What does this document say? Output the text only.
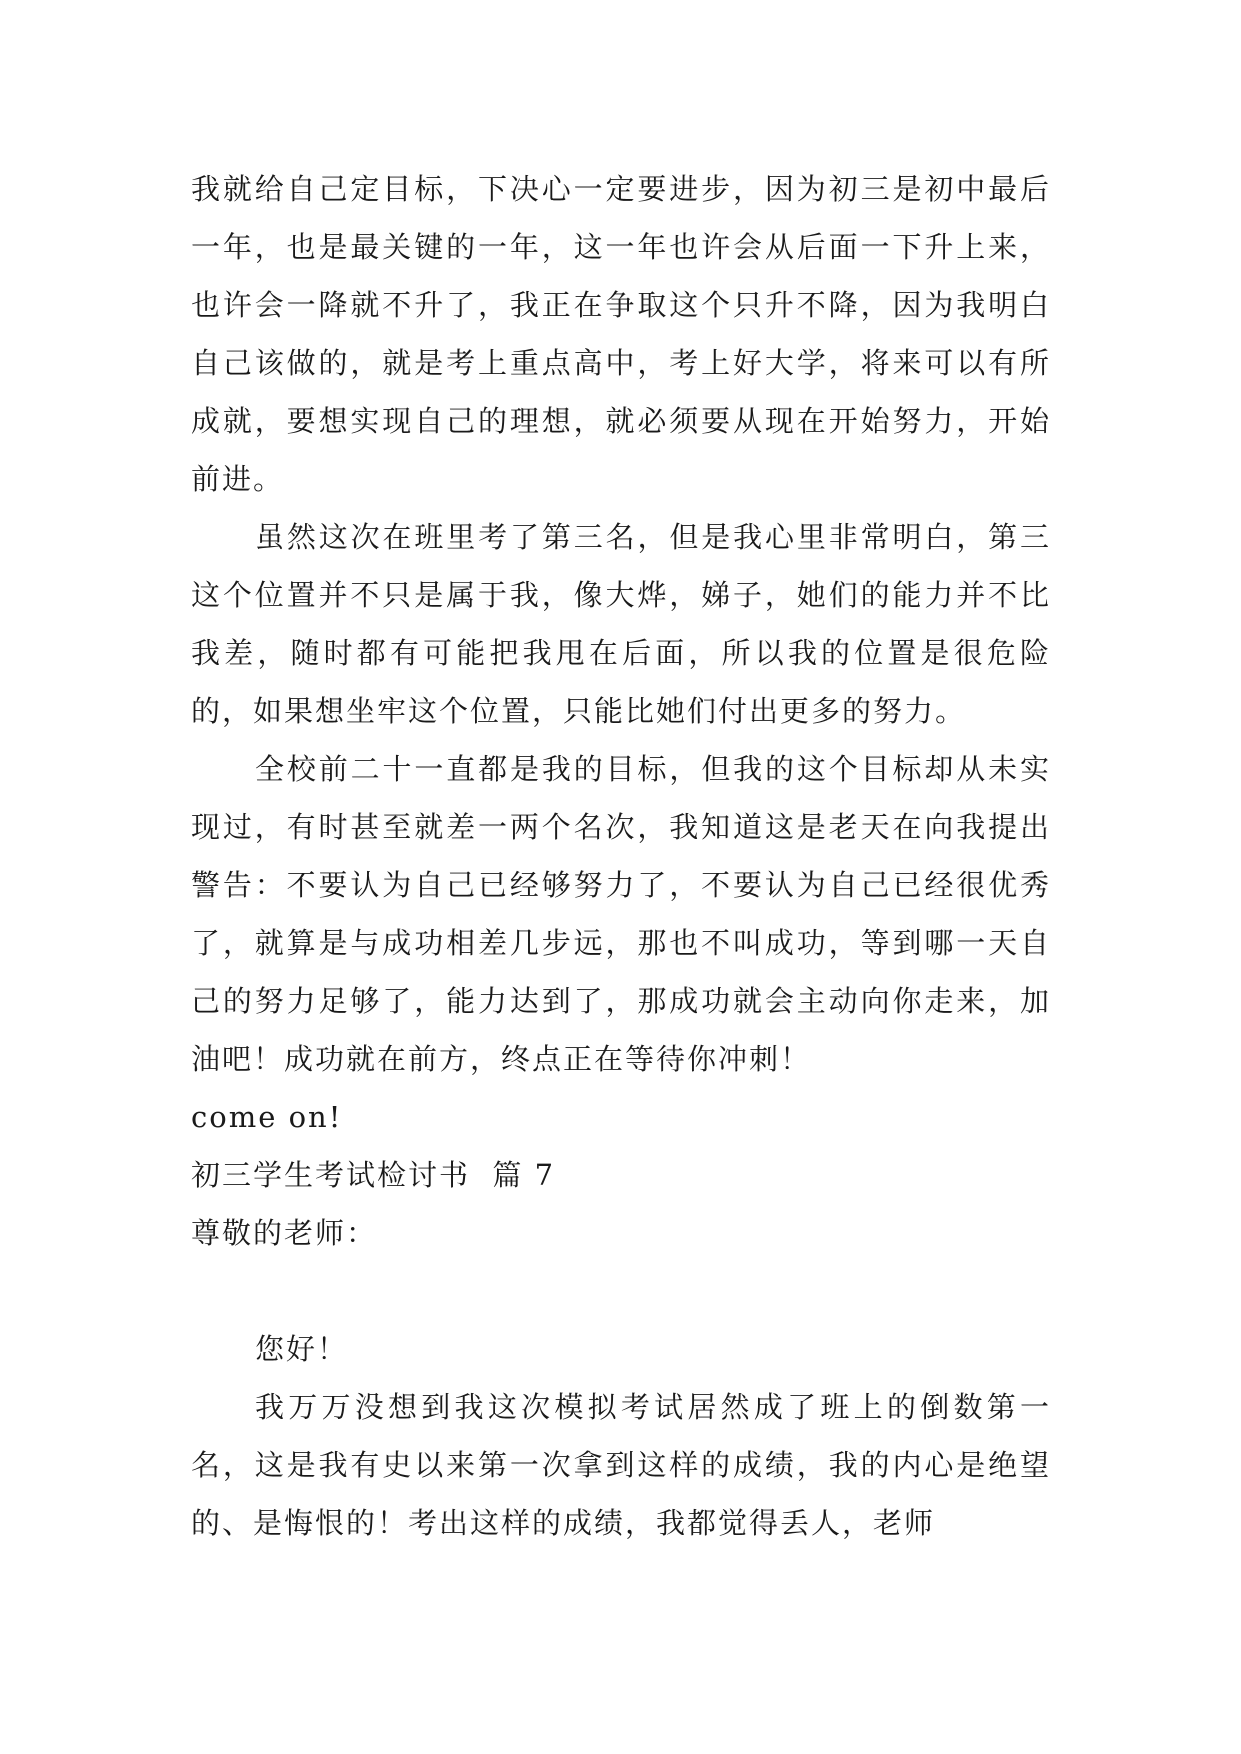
我就给自己定目标，下决心一定要进步，因为初三是初中最后一年，也是最关键的一年，这一年也许会从后面一下升上来，也许会一降就不升了，我正在争取这个只升不降，因为我明白自己该做的，就是考上重点高中，考上好大学，将来可以有所成就，要想实现自己的理想，就必须要从现在开始努力，开始前进。

虽然这次在班里考了第三名，但是我心里非常明白，第三这个位置并不只是属于我，像大烨，娣子，她们的能力并不比我差，随时都有可能把我甩在后面，所以我的位置是很危险的，如果想坐牢这个位置，只能比她们付出更多的努力。

全校前二十一直都是我的目标，但我的这个目标却从未实现过，有时甚至就差一两个名次，我知道这是老天在向我提出警告：不要认为自己已经够努力了，不要认为自己已经很优秀了，就算是与成功相差几步远，那也不叫成功，等到哪一天自己的努力足够了，能力达到了，那成功就会主动向你走来，加油吧！成功就在前方，终点正在等待你冲刺！

come on!

初三学生考试检讨书  篇 7

尊敬的老师：

您好！

我万万没想到我这次模拟考试居然成了班上的倒数第一名，这是我有史以来第一次拿到这样的成绩，我的内心是绝望的、是悔恨的！考出这样的成绩，我都觉得丢人，老师
